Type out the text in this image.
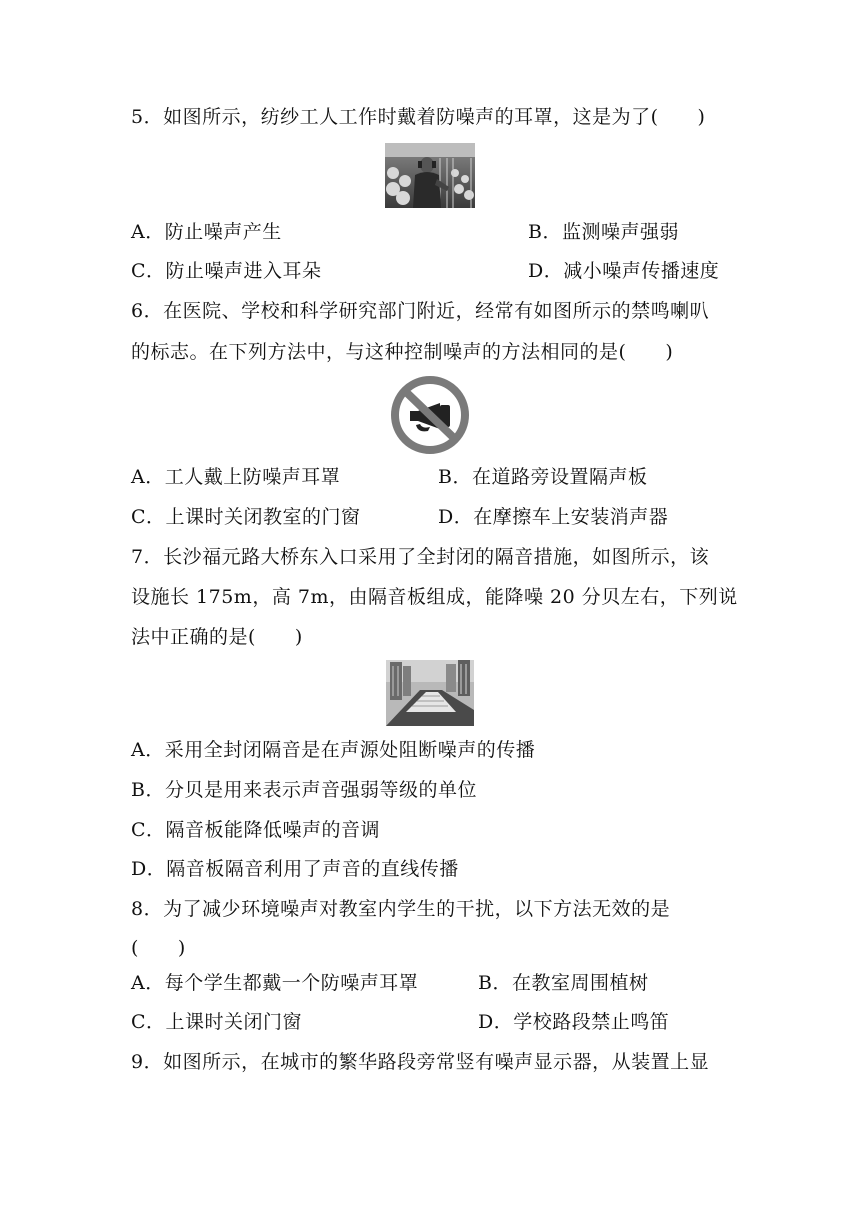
5．如图所示，纺纱工人工作时戴着防噪声的耳罩，这是为了(　　)
A．防止噪声产生	B．监测噪声强弱
C．防止噪声进入耳朵	D．减小噪声传播速度
6．在医院、学校和科学研究部门附近，经常有如图所示的禁鸣喇叭
的标志。在下列方法中，与这种控制噪声的方法相同的是(　　)
A．工人戴上防噪声耳罩	B．在道路旁设置隔声板
C．上课时关闭教室的门窗	D．在摩擦车上安装消声器
7．长沙福元路大桥东入口采用了全封闭的隔音措施，如图所示，该
设施长 175m，高 7m，由隔音板组成，能降噪 20 分贝左右，下列说
法中正确的是(　　)
A．采用全封闭隔音是在声源处阻断噪声的传播
B．分贝是用来表示声音强弱等级的单位
C．隔音板能降低噪声的音调
D．隔音板隔音利用了声音的直线传播
8．为了减少环境噪声对教室内学生的干扰，以下方法无效的是
(　　)
A．每个学生都戴一个防噪声耳罩	B．在教室周围植树
C．上课时关闭门窗	D．学校路段禁止鸣笛
9．如图所示，在城市的繁华路段旁常竖有噪声显示器，从装置上显
